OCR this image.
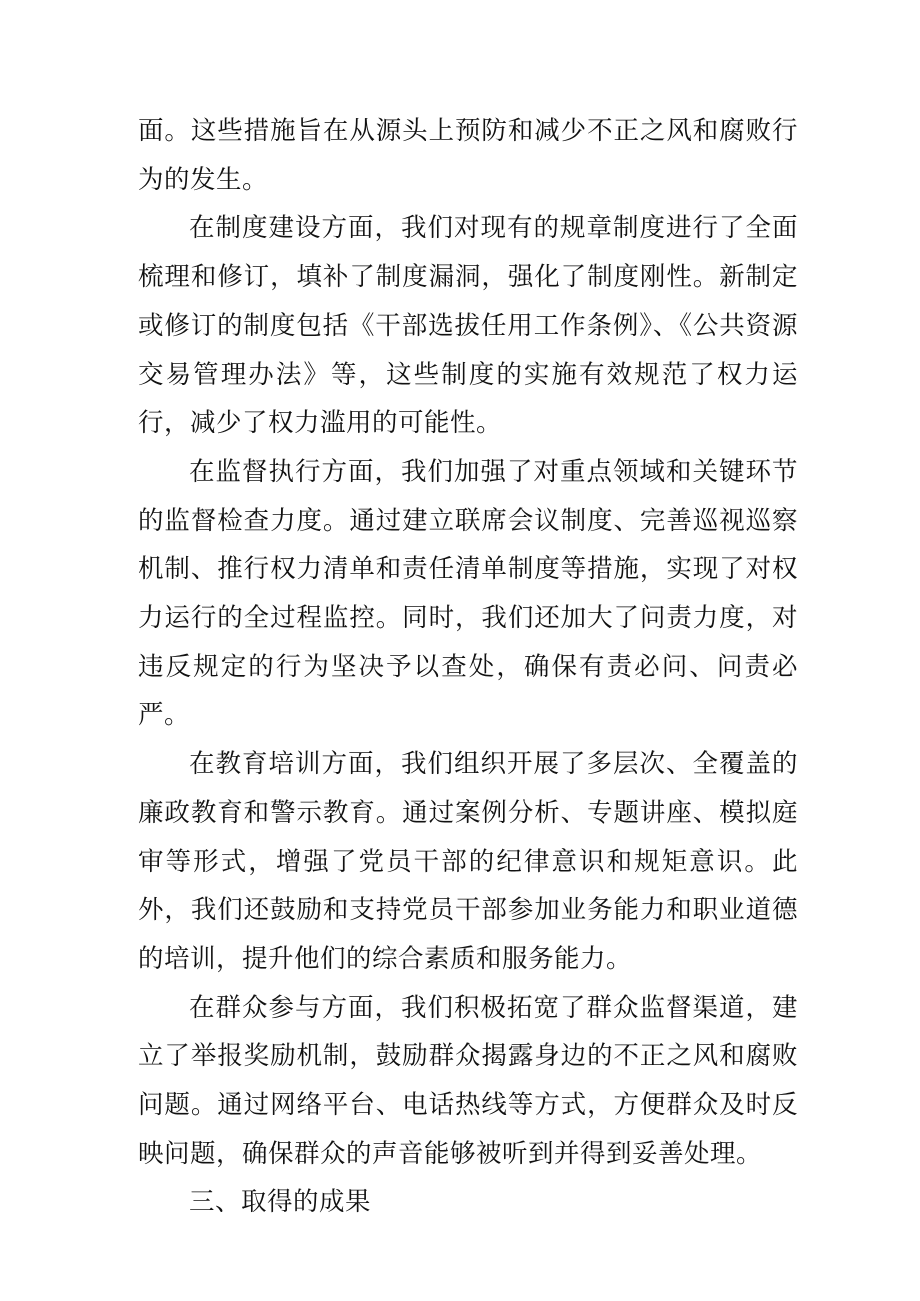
面。这些措施旨在从源头上预防和减少不正之风和腐败行为的发生。

在制度建设方面，我们对现有的规章制度进行了全面梳理和修订，填补了制度漏洞，强化了制度刚性。新制定或修订的制度包括《干部选拔任用工作条例》、《公共资源交易管理办法》等，这些制度的实施有效规范了权力运行，减少了权力滥用的可能性。

在监督执行方面，我们加强了对重点领域和关键环节的监督检查力度。通过建立联席会议制度、完善巡视巡察机制、推行权力清单和责任清单制度等措施，实现了对权力运行的全过程监控。同时，我们还加大了问责力度，对违反规定的行为坚决予以查处，确保有责必问、问责必严。

在教育培训方面，我们组织开展了多层次、全覆盖的廉政教育和警示教育。通过案例分析、专题讲座、模拟庭审等形式，增强了党员干部的纪律意识和规矩意识。此外，我们还鼓励和支持党员干部参加业务能力和职业道德的培训，提升他们的综合素质和服务能力。

在群众参与方面，我们积极拓宽了群众监督渠道，建立了举报奖励机制，鼓励群众揭露身边的不正之风和腐败问题。通过网络平台、电话热线等方式，方便群众及时反映问题，确保群众的声音能够被听到并得到妥善处理。

三、取得的成果
